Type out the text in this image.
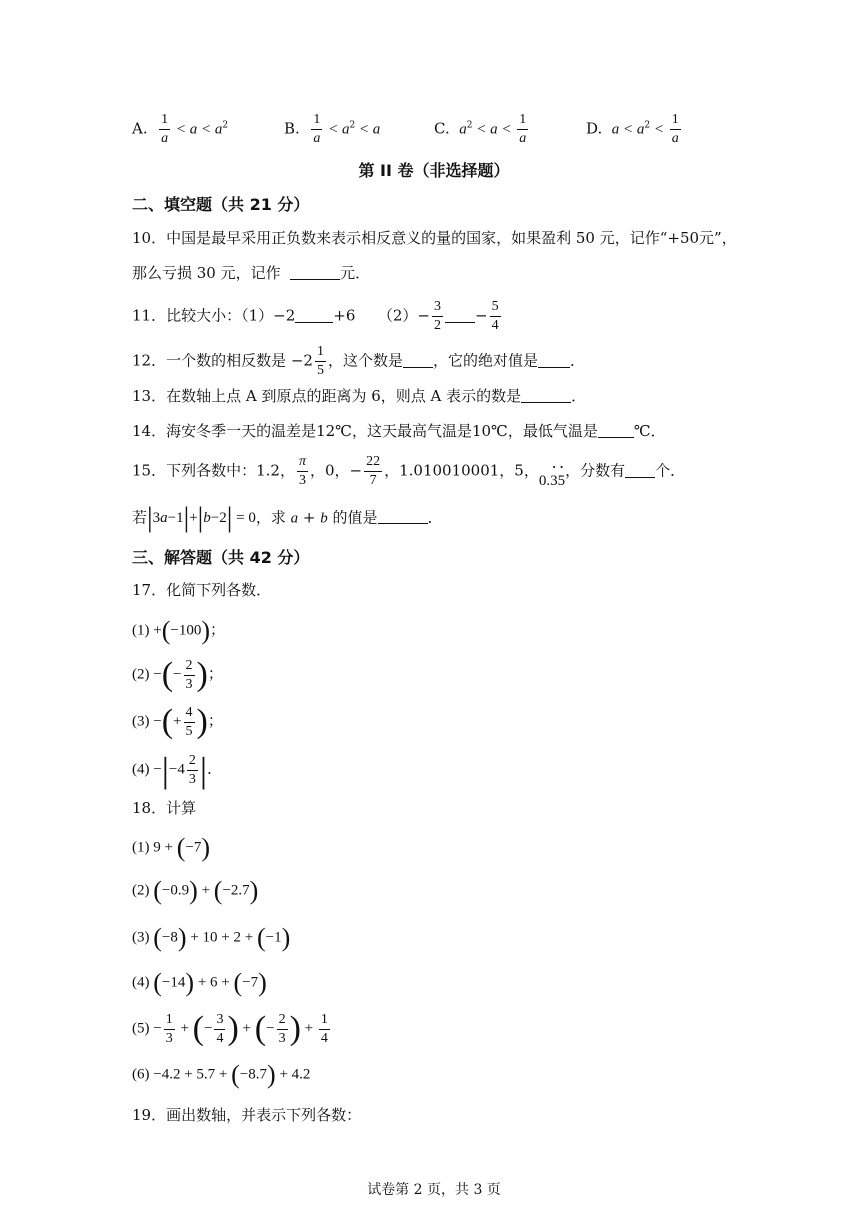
A. $\frac{1}{a} < a < a^2$	B. $\frac{1}{a} < a^2 < a$	C.  $a^2 < a < \frac{1}{a}$	D.  $a < a^2 < \frac{1}{a}$
第 II 卷（非选择题）
二、填空题（共 21 分）
10．中国是最早采用正负数来表示相反意义的量的国家，如果盈利 50 元，记作“+50元”，
那么亏损 30 元，记作	元．
11．比较大小：（1）−2	+6　　$(2)- \frac{3}{2} - \frac{5}{4}$
12．一个数的相反数是 $-2 \frac{1}{5}$ ，这个数是 ，它的绝对值是 ．
13．在数轴上点 A 到原点的距离为 6，则点 A 表示的数是	．
14．海安冬季一天的温差是12℃，这天最高气温是10℃，最低气温是 ℃．
15．下列各数中：1.2， $\frac{\pi}{3}$ ，0，− $\frac{22}{7}$ ，1.010010001，5，0.· 3· 5，分数有 个．
若|3a−1|+|b−2| = 0，求 a + b 的值是	．
三、解答题（共 42 分）
17．化简下列各数．
(1) +(−100)；
(2) −(− $\frac{2}{3}$ )；
(3) −(+ $\frac{4}{5}$ )；
$(4) -|-4 \frac{2}{3}$ |．
18．计算
(1) 9 + (−7)
(2) (−0.9) + (−2.7)
(3) (−8) + 10 + 2 + (−1)
(4) (−14) + 6 + (−7)
$(5) - \frac{1}{3}$ + (− $\frac{3}{4}$ ) + (− $\frac{2}{3}$ ) + $\frac{1}{4}$
(6) −4.2 + 5.7 + (−8.7) + 4.2
19．画出数轴，并表示下列各数：
试卷第 2 页，共 3 页
